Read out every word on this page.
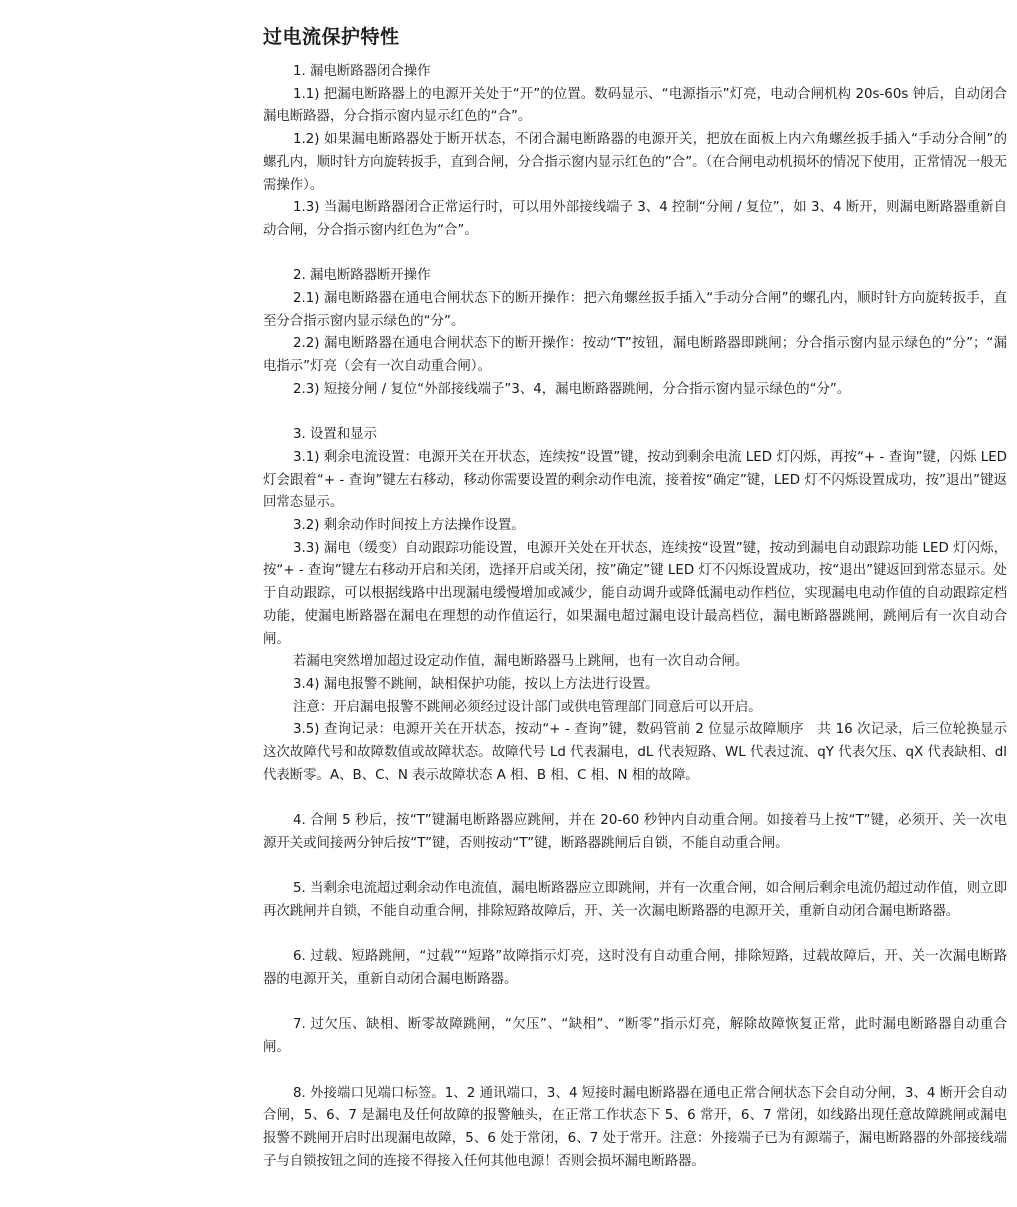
过电流保护特性

1. 漏电断路器闭合操作

1.1) 把漏电断路器上的电源开关处于“开”的位置。数码显示、“电源指示”灯亮，电动合闸机构 20s-60s 钟后，自动闭合漏电断路器，分合指示窗内显示红色的“合”。

1.2) 如果漏电断路器处于断开状态，不闭合漏电断路器的电源开关，把放在面板上内六角螺丝扳手插入“手动分合闸”的螺孔内，顺时针方向旋转扳手，直到合闸，分合指示窗内显示红色的”合”。（在合闸电动机损坏的情况下使用，正常情况一般无需操作）。

1.3) 当漏电断路器闭合正常运行时，可以用外部接线端子 3、4 控制“分闸 / 复位”，如 3、4 断开，则漏电断路器重新自动合闸，分合指示窗内红色为“合”。

2. 漏电断路器断开操作

2.1) 漏电断路器在通电合闸状态下的断开操作：把六角螺丝扳手插入“手动分合闸”的螺孔内，顺时针方向旋转扳手，直至分合指示窗内显示绿色的“分”。

2.2) 漏电断路器在通电合闸状态下的断开操作：按动“T”按钮，漏电断路器即跳闸；分合指示窗内显示绿色的“分”；“漏电指示”灯亮（会有一次自动重合闸）。

2.3) 短接分闸 / 复位“外部接线端子”3、4，漏电断路器跳闸，分合指示窗内显示绿色的“分”。

3. 设置和显示

3.1) 剩余电流设置：电源开关在开状态，连续按“设置”键，按动到剩余电流 LED 灯闪烁，再按“+ - 查询”键，闪烁 LED 灯会跟着“+ - 查询”键左右移动，移动你需要设置的剩余动作电流，接着按“确定”键，LED 灯不闪烁设置成功，按”退出”键返回常态显示。

3.2) 剩余动作时间按上方法操作设置。

3.3) 漏电（缓变）自动跟踪功能设置，电源开关处在开状态，连续按“设置”键，按动到漏电自动跟踪功能 LED 灯闪烁，按“+ - 查询”键左右移动开启和关闭，选择开启或关闭，按”确定”键 LED 灯不闪烁设置成功，按“退出”键返回到常态显示。处于自动跟踪，可以根据线路中出现漏电缓慢增加或减少，能自动调升或降低漏电动作档位，实现漏电电动作值的自动跟踪定档功能，使漏电断路器在漏电在理想的动作值运行，如果漏电超过漏电设计最高档位，漏电断路器跳闸，跳闸后有一次自动合闸。

若漏电突然增加超过设定动作值，漏电断路器马上跳闸，也有一次自动合闸。

3.4) 漏电报警不跳闸，缺相保护功能，按以上方法进行设置。

注意：开启漏电报警不跳闸必须经过设计部门或供电管理部门同意后可以开启。

3.5) 查询记录：电源开关在开状态，按动“+ - 查询”键，数码管前 2 位显示故障顺序　共 16 次记录，后三位轮换显示这次故障代号和故障数值或故障状态。故障代号 Ld 代表漏电，dL 代表短路、WL 代表过流、qY 代表欠压、qX 代表缺相、dl 代表断零。A、B、C、N 表示故障状态 A 相、B 相、C 相、N 相的故障。

4. 合闸 5 秒后，按“T”键漏电断路器应跳闸，并在 20-60 秒钟内自动重合闸。如接着马上按“T”键，必须开、关一次电源开关或间接两分钟后按“T”键，否则按动“T”键，断路器跳闸后自锁，不能自动重合闸。

5. 当剩余电流超过剩余动作电流值，漏电断路器应立即跳闸，并有一次重合闸，如合闸后剩余电流仍超过动作值，则立即再次跳闸并自锁，不能自动重合闸，排除短路故障后，开、关一次漏电断路器的电源开关，重新自动闭合漏电断路器。

6. 过载、短路跳闸，“过载”“短路”故障指示灯亮，这时没有自动重合闸，排除短路，过载故障后，开、关一次漏电断路器的电源开关，重新自动闭合漏电断路器。

7. 过欠压、缺相、断零故障跳闸，“欠压”、“缺相”、“断零”指示灯亮，解除故障恢复正常，此时漏电断路器自动重合闸。

8. 外接端口见端口标签。1、2 通讯端口，3、4 短接时漏电断路器在通电正常合闸状态下会自动分闸，3、4 断开会自动合闸，5、6、7 是漏电及任何故障的报警触头，在正常工作状态下 5、6 常开，6、7 常闭，如线路出现任意故障跳闸或漏电报警不跳闸开启时出现漏电故障，5、6 处于常闭，6、7 处于常开。注意：外接端子已为有源端子，漏电断路器的外部接线端子与自锁按钮之间的连接不得接入任何其他电源！否则会损坏漏电断路器。
